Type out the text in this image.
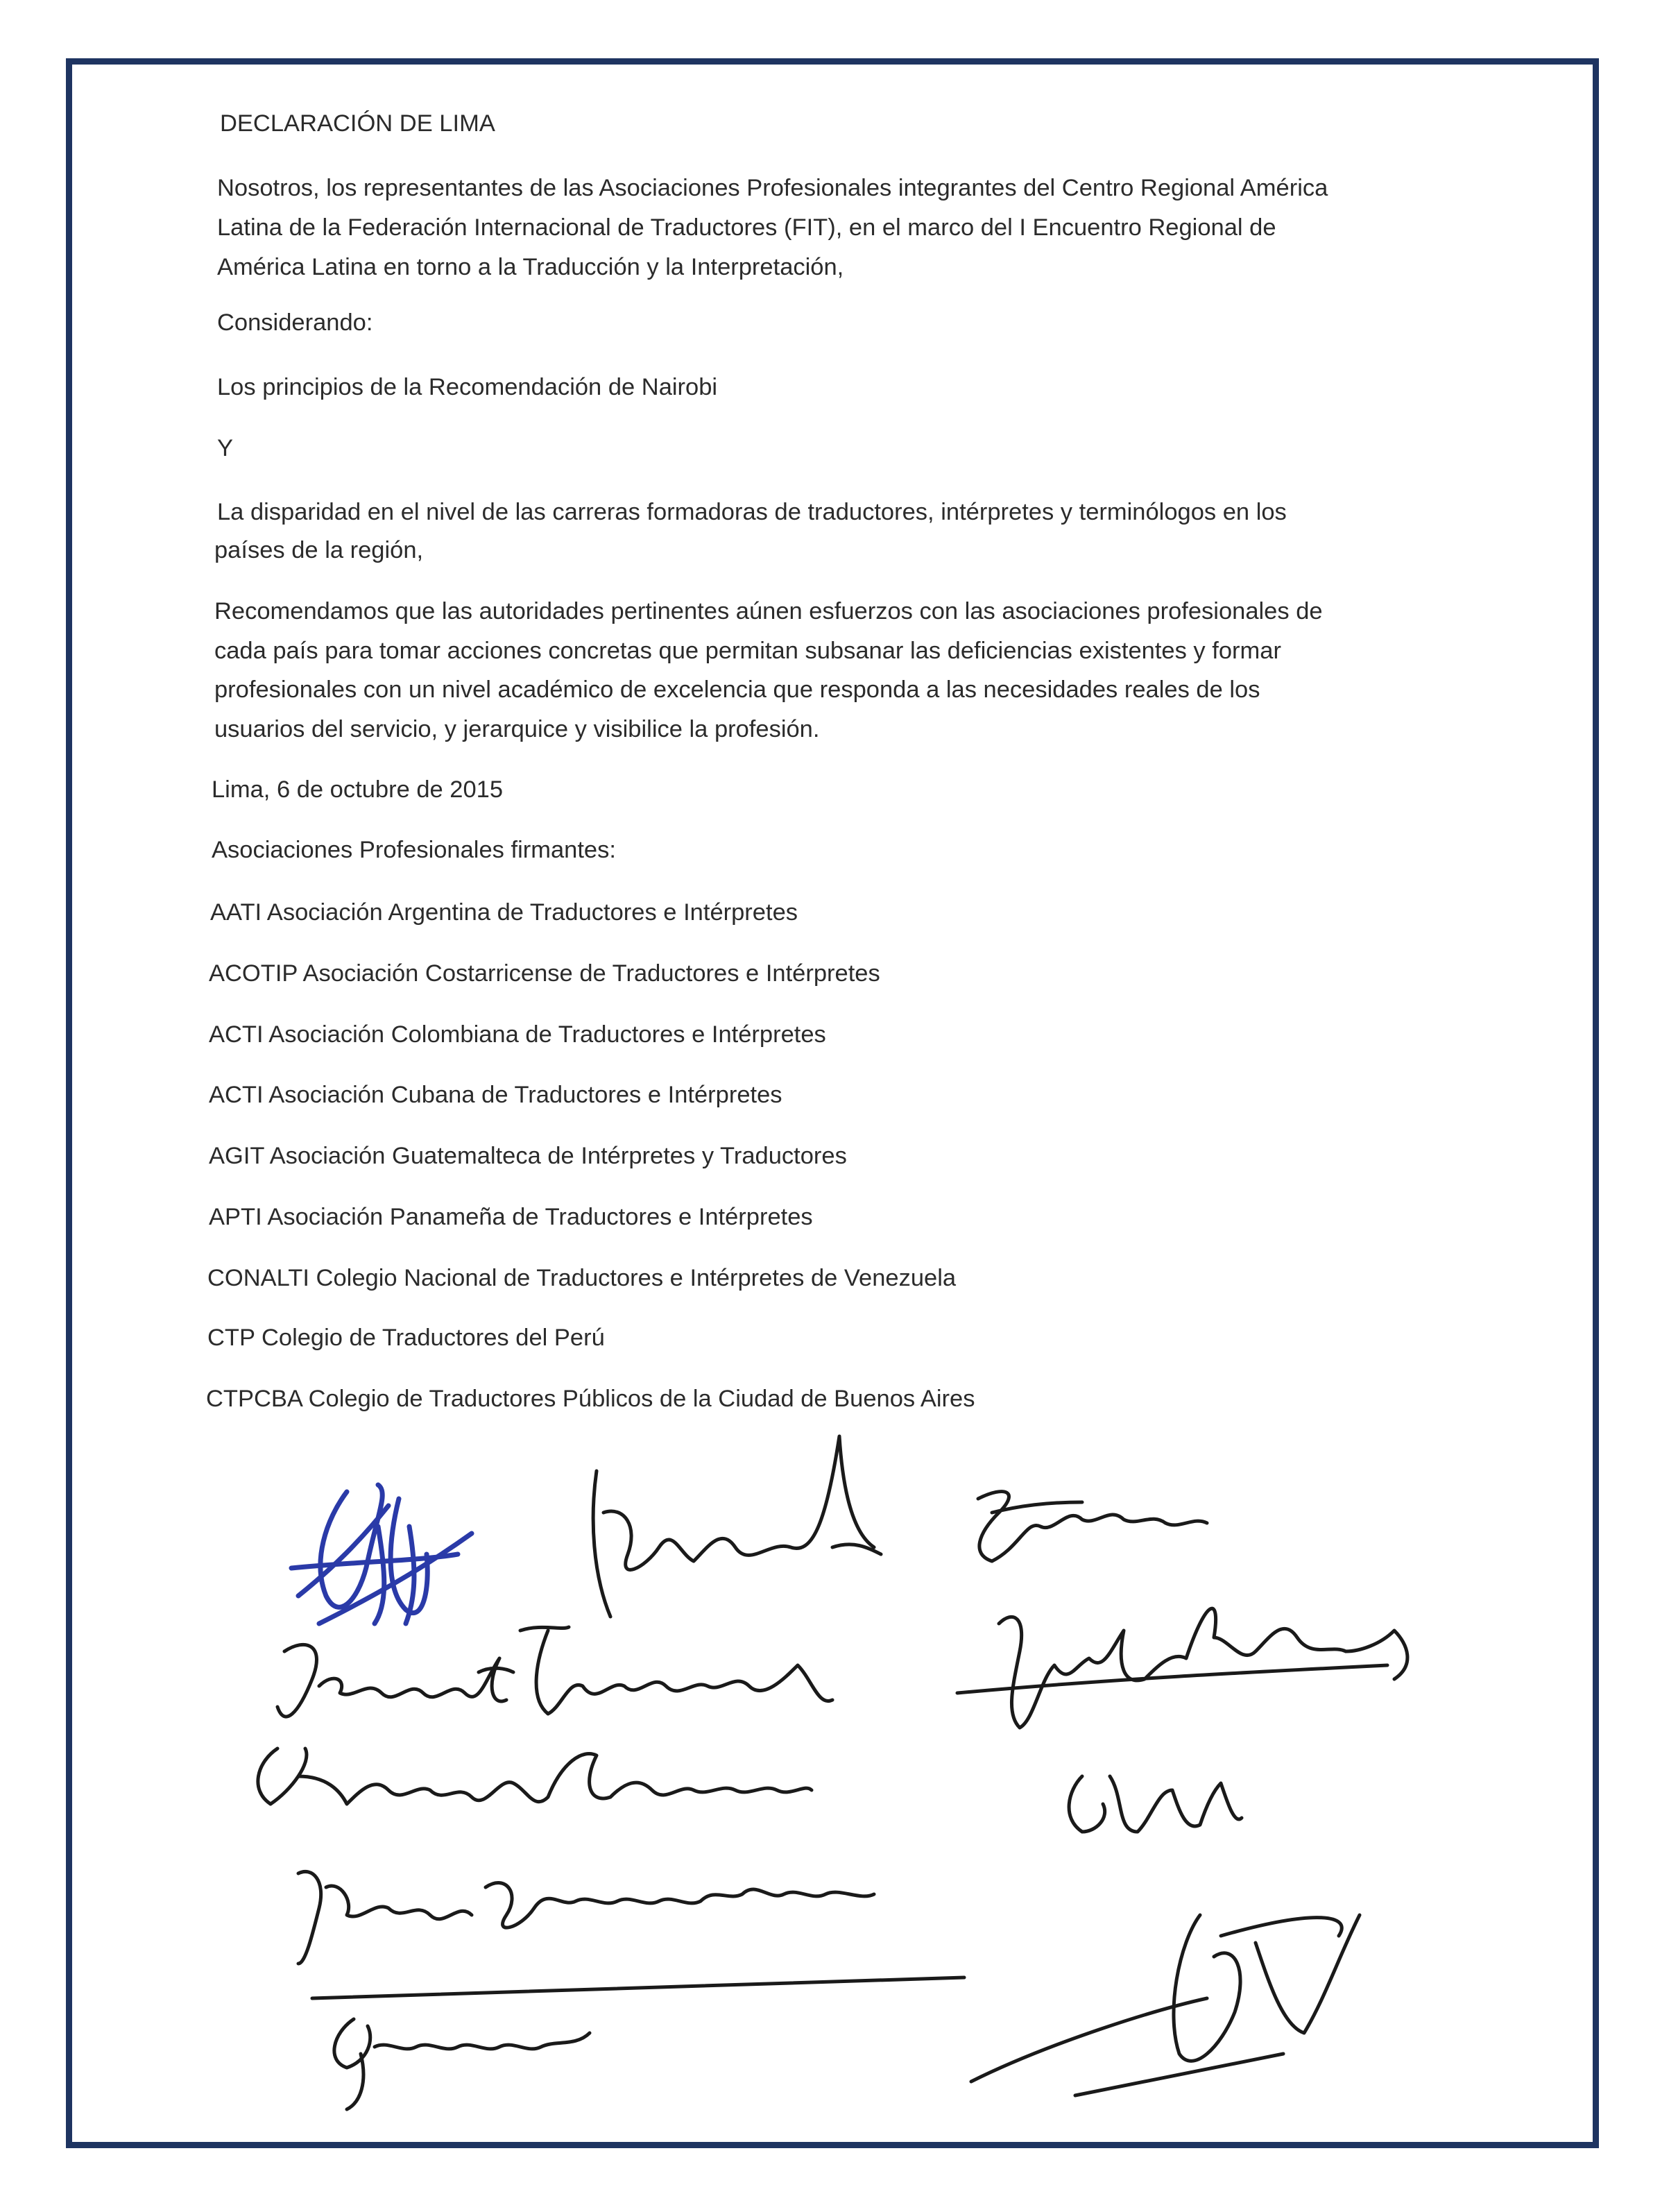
DECLARACIÓN DE LIMA

Nosotros, los representantes de las Asociaciones Profesionales integrantes del Centro Regional América

Latina de la Federación Internacional de Traductores (FIT), en el marco del I Encuentro Regional de

América Latina en torno a la Traducción y la Interpretación,

Considerando:

Los principios de la Recomendación de Nairobi

Y

La disparidad en el nivel de las carreras formadoras de traductores, intérpretes y terminólogos en los

países de la región,

Recomendamos que las autoridades pertinentes aúnen esfuerzos con las asociaciones profesionales de

cada país para tomar acciones concretas que permitan subsanar las deficiencias existentes y formar

profesionales con un nivel académico de excelencia que responda a las necesidades reales de los

usuarios del servicio, y jerarquice y visibilice la profesión.

Lima, 6 de octubre de 2015

Asociaciones Profesionales firmantes:

AATI Asociación Argentina de Traductores e Intérpretes

ACOTIP Asociación Costarricense de Traductores e Intérpretes

ACTI Asociación Colombiana de Traductores e Intérpretes

ACTI Asociación Cubana de Traductores e Intérpretes

AGIT Asociación Guatemalteca de Intérpretes y Traductores

APTI Asociación Panameña de Traductores e Intérpretes

CONALTI Colegio Nacional de Traductores e Intérpretes de Venezuela

CTP Colegio de Traductores del Perú

CTPCBA Colegio de Traductores Públicos de la Ciudad de Buenos Aires
